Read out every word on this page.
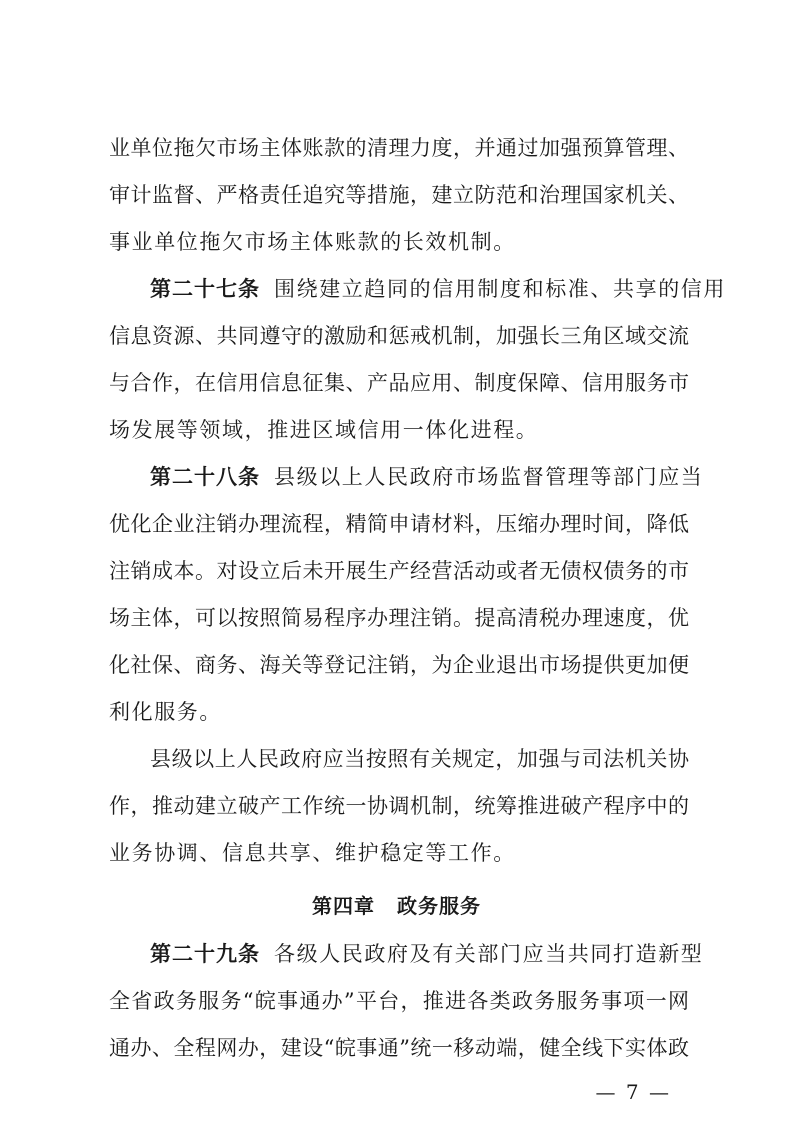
业单位拖欠市场主体账款的清理力度，并通过加强预算管理、
审计监督、严格责任追究等措施，建立防范和治理国家机关、
事业单位拖欠市场主体账款的长效机制。
第二十七条 围绕建立趋同的信用制度和标准、共享的信用
信息资源、共同遵守的激励和惩戒机制，加强长三角区域交流
与合作，在信用信息征集、产品应用、制度保障、信用服务市
场发展等领域，推进区域信用一体化进程。
第二十八条 县级以上人民政府市场监督管理等部门应当
优化企业注销办理流程，精简申请材料，压缩办理时间，降低
注销成本。对设立后未开展生产经营活动或者无债权债务的市
场主体，可以按照简易程序办理注销。提高清税办理速度，优
化社保、商务、海关等登记注销，为企业退出市场提供更加便
利化服务。
县级以上人民政府应当按照有关规定，加强与司法机关协
作，推动建立破产工作统一协调机制，统筹推进破产程序中的
业务协调、信息共享、维护稳定等工作。
第四章 政务服务
第二十九条 各级人民政府及有关部门应当共同打造新型
全省政务服务“皖事通办”平台，推进各类政务服务事项一网
通办、全程网办，建设“皖事通”统一移动端，健全线下实体政
— 7 —
